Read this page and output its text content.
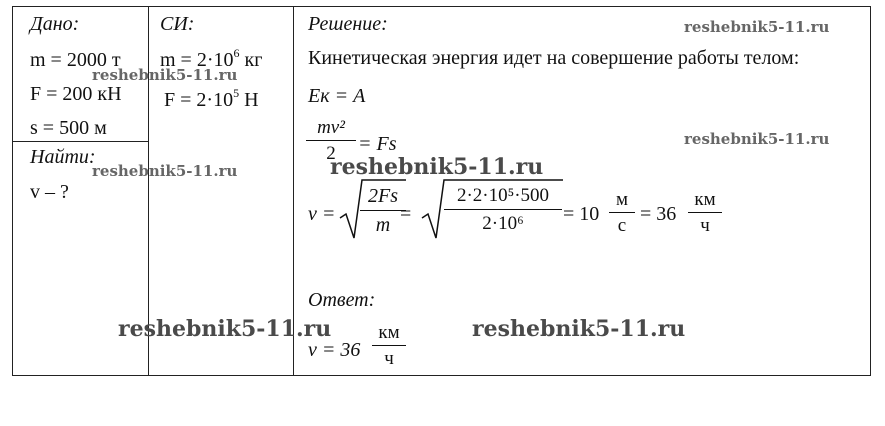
Дано:
m = 2000 т
F = 200 кН
s = 500 м
Найти:
v – ?
СИ:
$m = 2\cdot 10^6$ кг
$F = 2\cdot 10^5$ Н
Решение:
Кинетическая энергия идет на совершение работы телом:
Eк = A
mv²
2	= Fs
v =
2Fs
m =
2·2·10⁵·500
2·10⁶	= 10
м
с
= 36
км
ч
Ответ:
v = 36
км
ч
reshebnik5-11.ru
reshebnik5-11.ru
reshebnik5-11.ru
reshebnik5-11.ru
reshebnik5-11.ru
reshebnik5-11.ru	reshebnik5-11.ru
